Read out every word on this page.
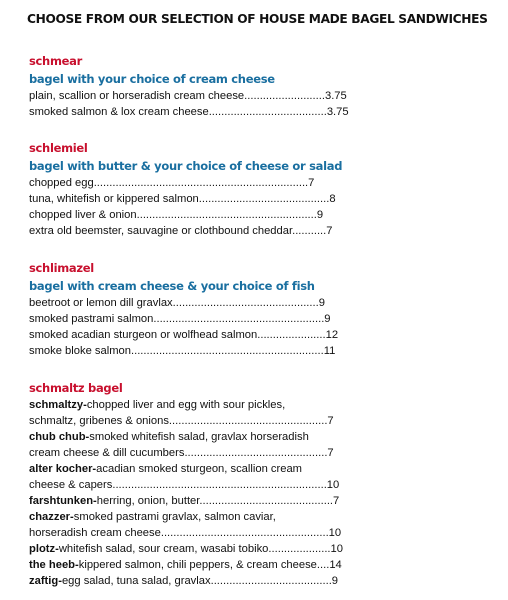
CHOOSE FROM OUR SELECTION OF HOUSE MADE BAGEL SANDWICHES
schmear
bagel with your choice of cream cheese
plain, scallion or horseradish cream cheese..........................3.75
smoked salmon & lox cream cheese......................................3.75
schlemiel
bagel with butter & your choice of cheese or salad
chopped egg.....................................................................7
tuna, whitefish or kippered salmon..........................................8
chopped liver & onion..........................................................9
extra old beemster, sauvagine or clothbound cheddar...........7
schlimazel
bagel with cream cheese & your choice of fish
beetroot or lemon dill gravlax...............................................9
smoked pastrami salmon.......................................................9
smoked acadian sturgeon or wolfhead salmon......................12
smoke bloke salmon..............................................................11
schmaltz bagel
schmaltzy-chopped liver and egg with sour pickles,
schmaltz, gribenes & onions...................................................7
chub chub-smoked whitefish salad, gravlax horseradish
cream cheese & dill cucumbers..............................................7
alter kocher-acadian smoked sturgeon, scallion cream
cheese & capers.....................................................................10
farshtunken-herring, onion, butter...........................................7
chazzer-smoked pastrami gravlax, salmon caviar,
horseradish cream cheese......................................................10
plotz-whitefish salad, sour cream, wasabi tobiko....................10
the heeb-kippered salmon, chili peppers, & cream cheese....14
zaftig-egg salad, tuna salad, gravlax.......................................9
